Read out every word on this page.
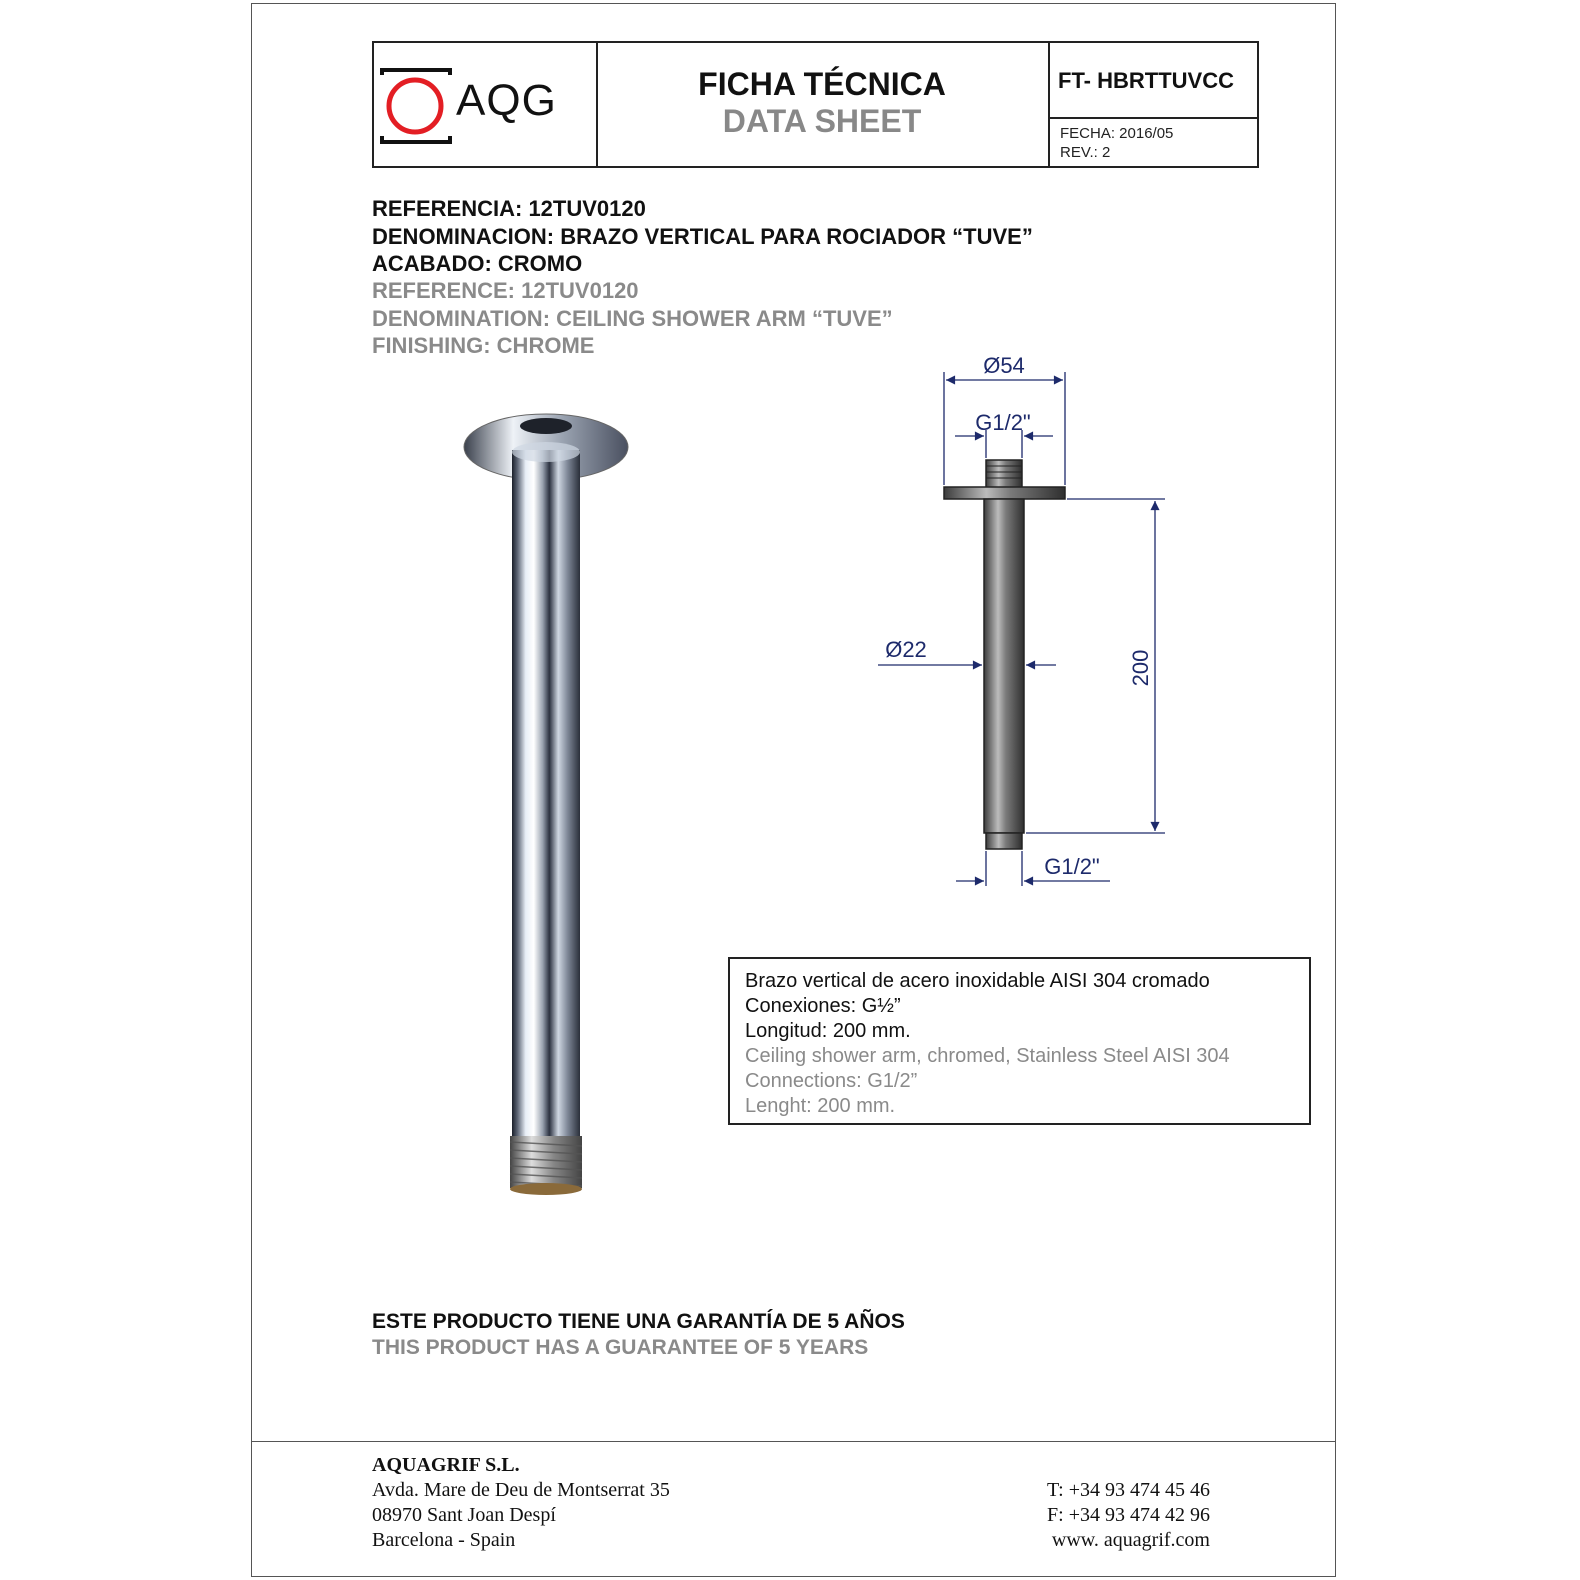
AQG	FICHA TÉCNICA
DATA SHEET
FT- HBRTTUVCC
FECHA: 2016/05
REV.: 2
REFERENCIA: 12TUV0120
DENOMINACION: BRAZO VERTICAL PARA ROCIADOR “TUVE”
ACABADO: CROMO
REFERENCE: 12TUV0120
DENOMINATION: CEILING SHOWER ARM “TUVE”
FINISHING: CHROME
Ø54
G1/2"
Ø22
200
G1/2"
Brazo vertical de acero inoxidable AISI 304 cromado
Conexiones: G½”
Longitud: 200 mm.
Ceiling shower arm, chromed, Stainless Steel AISI 304
Connections: G1/2”
Lenght: 200 mm.
ESTE PRODUCTO TIENE UNA GARANTÍA DE 5 AÑOS
THIS PRODUCT HAS A GUARANTEE OF 5 YEARS
AQUAGRIF S.L.
Avda. Mare de Deu de Montserrat 35
08970 Sant Joan Despí
Barcelona - Spain
T: +34 93 474 45 46
F: +34 93 474 42 96
www. aquagrif.com
